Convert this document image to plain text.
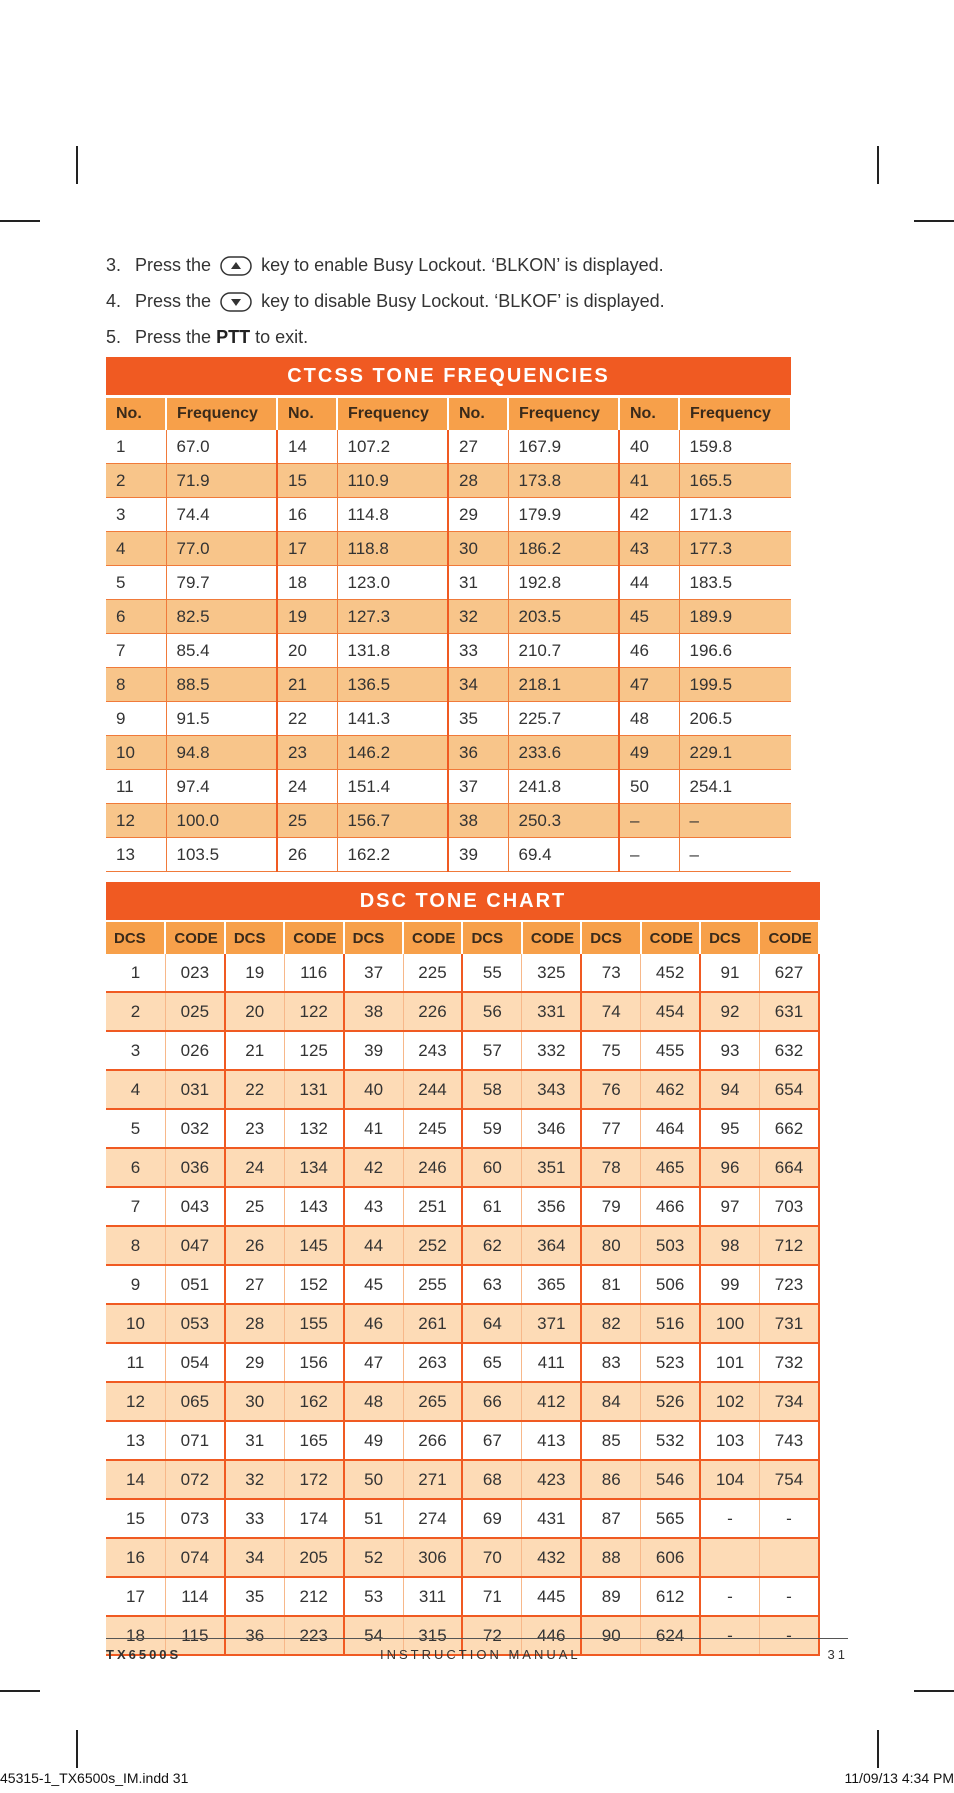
3. Press the	key to enable Busy Lockout. ‘BLKON’ is displayed.
4. Press the	key to disable Busy Lockout. ‘BLKOF’ is displayed.
5. Press the PTT to exit.
CTCSS TONE FREQUENCIES
No.	Frequency	No.	Frequency	No.	Frequency	No.	Frequency
1	67.0	14	107.2	27	167.9	40	159.8
2	71.9	15	110.9	28	173.8	41	165.5
3	74.4	16	114.8	29	179.9	42	171.3
4	77.0	17	118.8	30	186.2	43	177.3
5	79.7	18	123.0	31	192.8	44	183.5
6	82.5	19	127.3	32	203.5	45	189.9
7	85.4	20	131.8	33	210.7	46	196.6
8	88.5	21	136.5	34	218.1	47	199.5
9	91.5	22	141.3	35	225.7	48	206.5
10	94.8	23	146.2	36	233.6	49	229.1
11	97.4	24	151.4	37	241.8	50	254.1
12	100.0	25	156.7	38	250.3	–	–
13	103.5	26	162.2	39	69.4	–	–
DSC TONE CHART
DCS	CODE	DCS	CODE	DCS	CODE	DCS	CODE	DCS	CODE	DCS	CODE
1	023	19	116	37	225	55	325	73	452	91	627
2	025	20	122	38	226	56	331	74	454	92	631
3	026	21	125	39	243	57	332	75	455	93	632
4	031	22	131	40	244	58	343	76	462	94	654
5	032	23	132	41	245	59	346	77	464	95	662
6	036	24	134	42	246	60	351	78	465	96	664
7	043	25	143	43	251	61	356	79	466	97	703
8	047	26	145	44	252	62	364	80	503	98	712
9	051	27	152	45	255	63	365	81	506	99	723
10	053	28	155	46	261	64	371	82	516	100	731
11	054	29	156	47	263	65	411	83	523	101	732
12	065	30	162	48	265	66	412	84	526	102	734
13	071	31	165	49	266	67	413	85	532	103	743
14	072	32	172	50	271	68	423	86	546	104	754
15	073	33	174	51	274	69	431	87	565	-	-
16	074	34	205	52	306	70	432	88	606		
17	114	35	212	53	311	71	445	89	612	-	-
18	115	36	223	54	315	72	446	90	624	-	-
TX6500S	INSTRUCTION MANUAL	31
45315-1_TX6500s_IM.indd 31	11/09/13 4:34 PM
